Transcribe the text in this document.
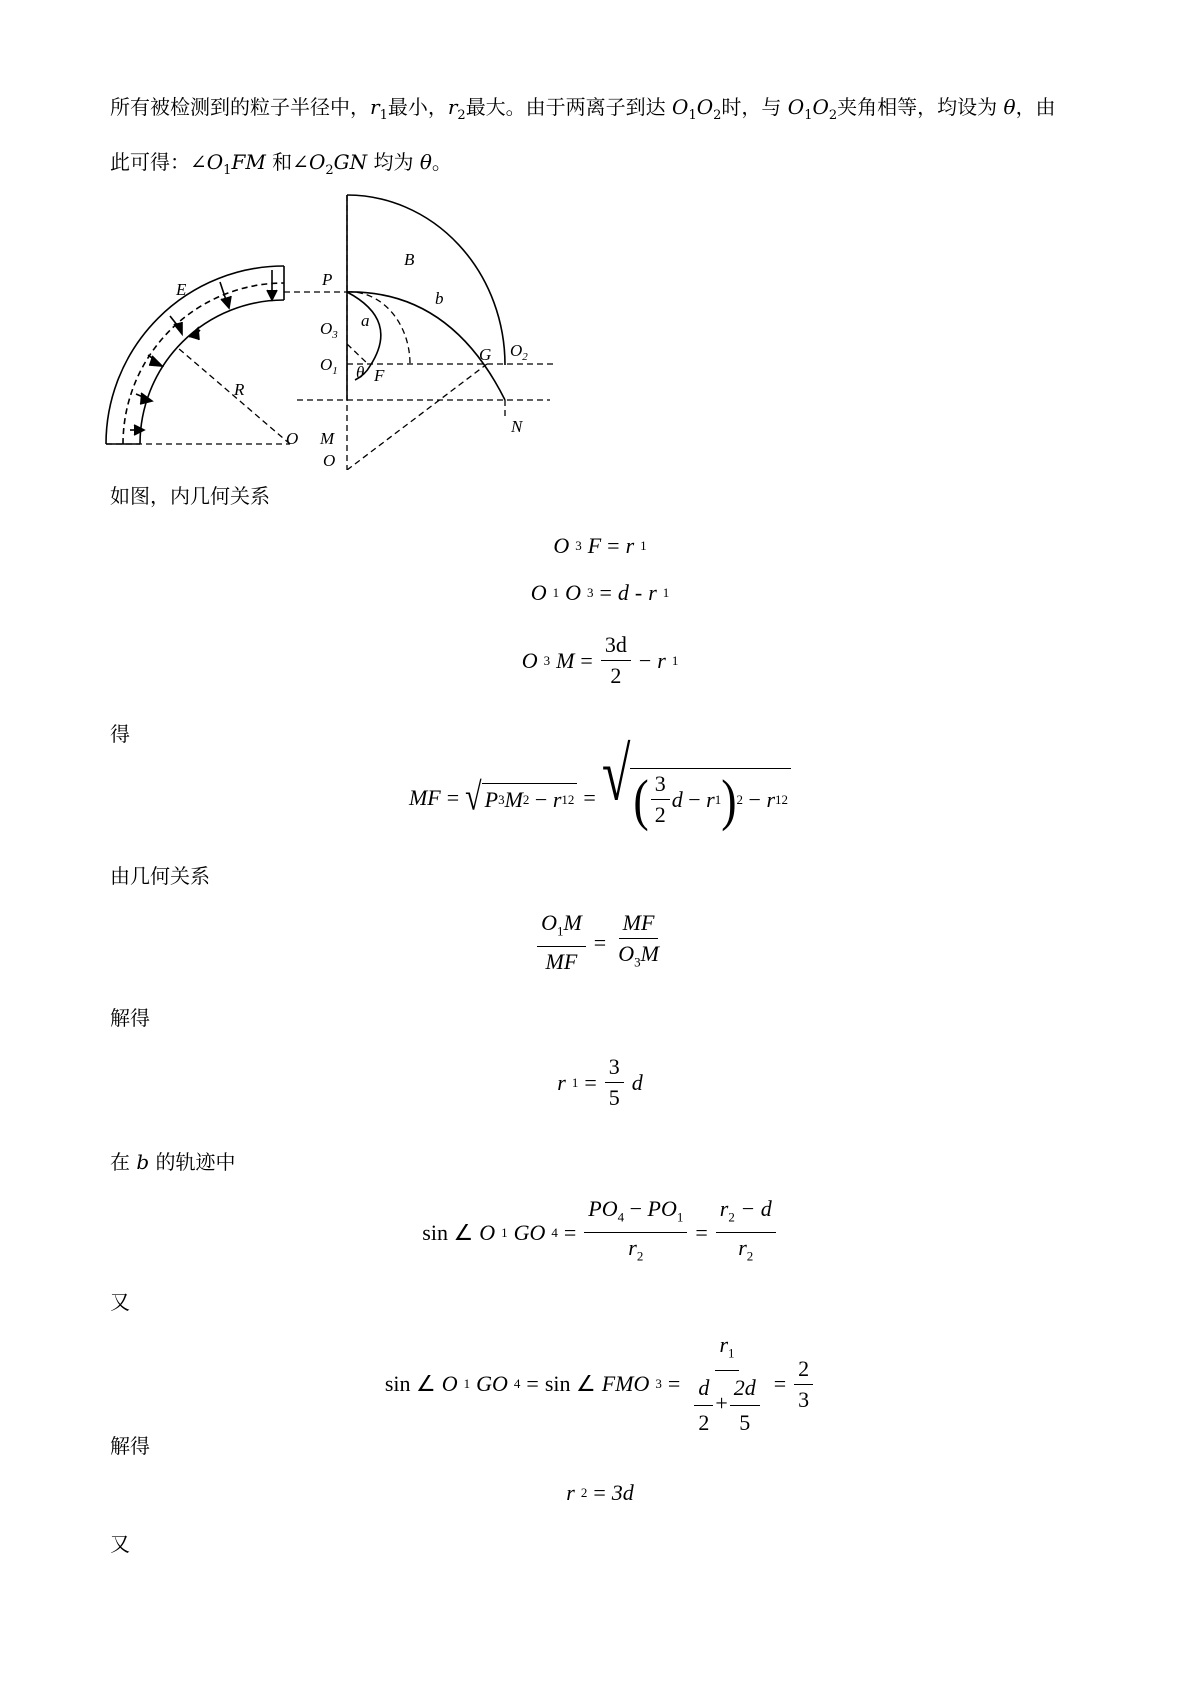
所有被检测到的粒子半径中，$r_1$最小，$r_2$最大。由于两离子到达 $O_1O_2$时，与 $O_1O_2$夹角相等，均设为 θ，由
此可得：$\angle O_1FM$ 和$\angle O_2GN$ 均为 θ。
E
R
O
P
B
b
a
$O_3$
$O_1$ θ F
G $O_2$
N
M
O
如图，内几何关系
O 3 F = r 1
O 1 O 3 = d - r 1
O 3 $M = \frac{3d}{2} - r$ 1
得
MF = √ P 3 M 2
−
r 1 2 = √ ( $\frac{3}{2}$ d
−
r 1 ) 2
−
r 1 2
由几何关系
$\frac{O_1M}{MF} = \frac{MF}{O_3M}$
解得
r $1 = \frac{3}{5}$ d
在 b 的轨迹中
sin ∠ O 1 GO $4 = \frac{PO_4 - PO_1}{r_2} = \frac{r_2 - d}{r_2}$
又
sin ∠ O 1 GO 4 = sin ∠ FMO $3 = \frac{r_1}{\frac{d}{2} + \frac{2d}{5}} = \frac{2}{3}$
解得
r 2 = 3d
又
